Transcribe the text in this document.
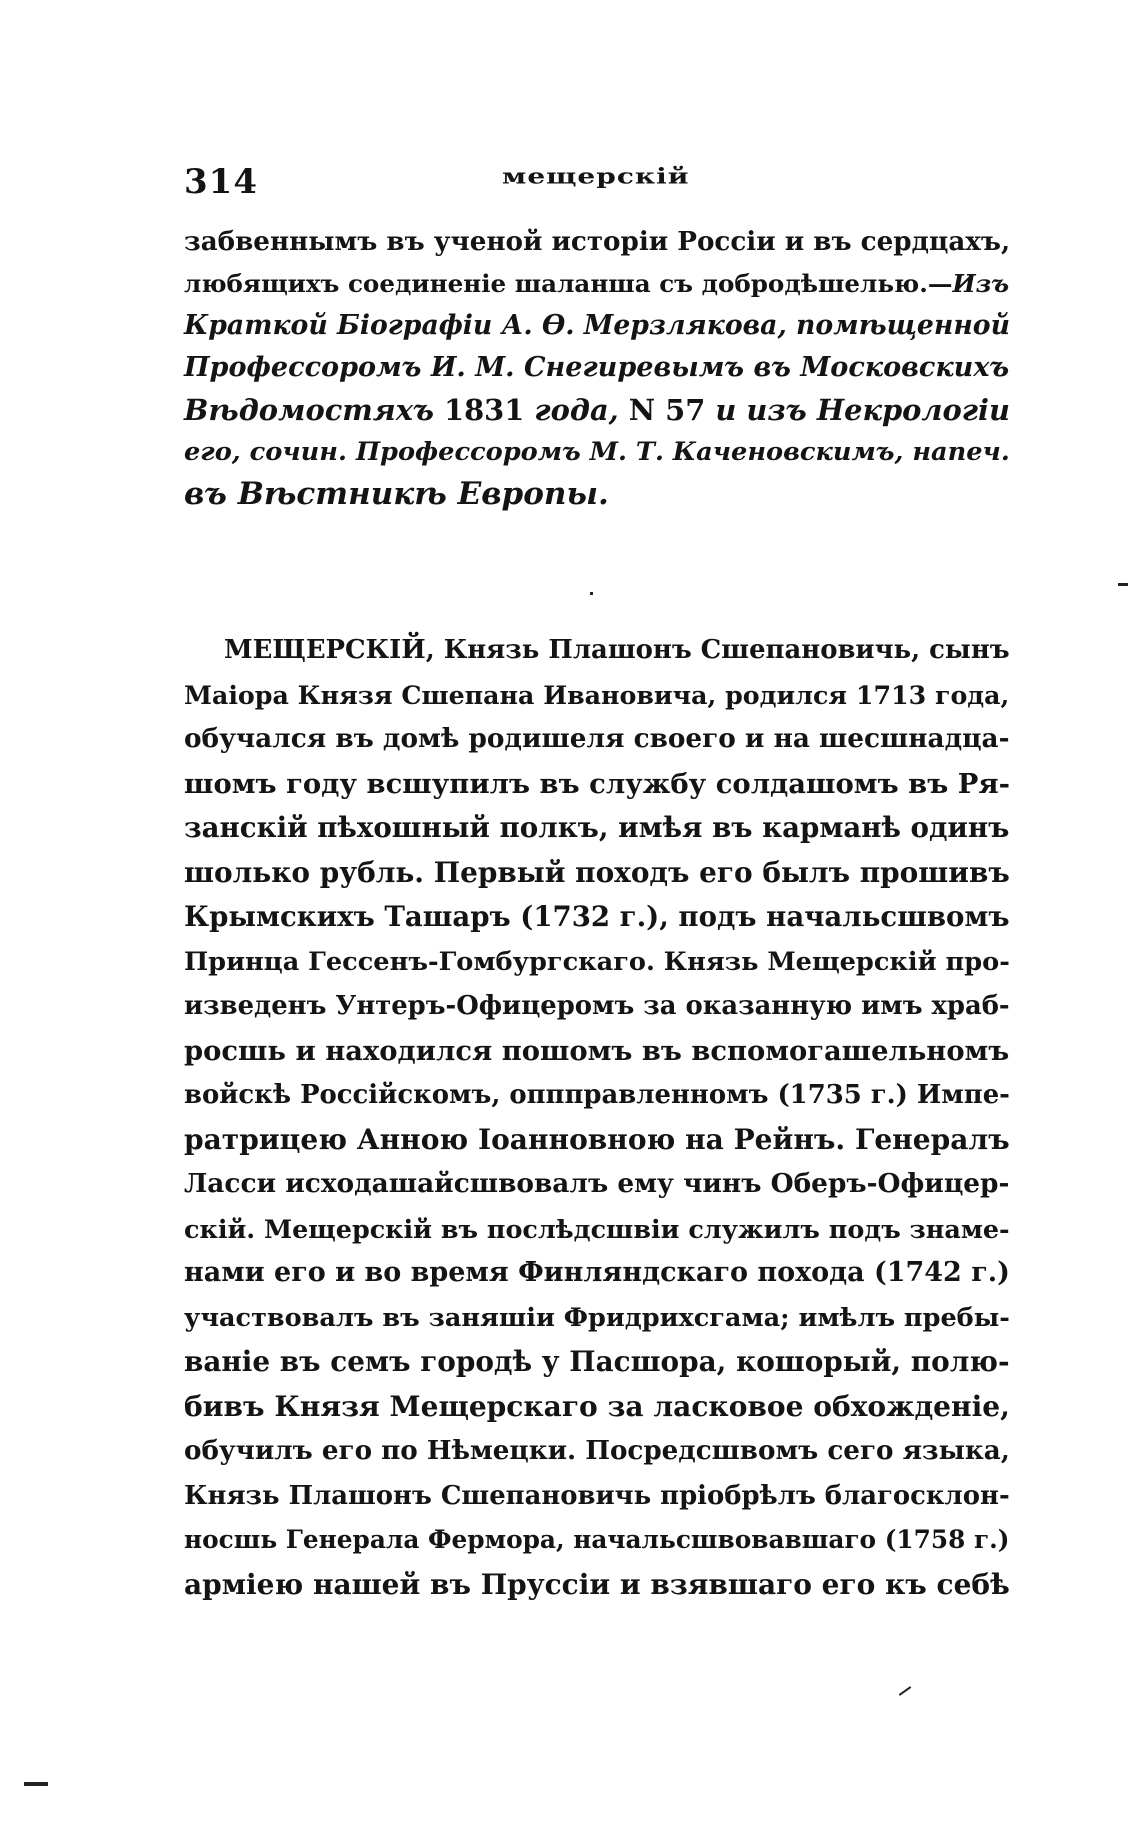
314	мещерскій
забвеннымъ въ ученой исторіи Россіи и въ сердцахъ,
любящихъ соединеніе шаланша съ добродѣшелью.—Изъ
Краткой Біографіи А. Ѳ. Мерзлякова, помѣщенной
Профессоромъ И. М. Снегиревымъ въ Московскихъ
Вѣдомостяхъ 1831 года, N 57 и изъ Некрологіи
его, сочин. Профессоромъ М. Т. Каченовскимъ, напеч.
въ Вѣстникѣ Европы.
МЕЩЕРСКІЙ, Князь Плашонъ Сшепановичь, сынъ
Маіора Князя Сшепана Ивановича, родился 1713 года,
обучался въ домѣ родишеля своего и на шесшнадца-
шомъ году всшупилъ въ службу солдашомъ въ Ря-
занскій пѣхошный полкъ, имѣя въ карманѣ одинъ
шолько рубль. Первый походъ его былъ прошивъ
Крымскихъ Ташаръ (1732 г.), подъ начальсшвомъ
Принца Гессенъ-Гомбургскаго. Князь Мещерскій про-
изведенъ Унтеръ-Офицеромъ за оказанную имъ храб-
росшь и находился пошомъ въ вспомогашельномъ
войскѣ Россійскомъ, оппправленномъ (1735 г.) Импе-
ратрицею Анною Іоанновною на Рейнъ. Генералъ
Ласси исходашайсшвовалъ ему чинъ Оберъ-Офицер-
скій. Мещерскій въ послѣдсшвіи служилъ подъ знаме-
нами его и во время Финляндскаго похода (1742 г.)
участвовалъ въ заняшіи Фридрихсгама; имѣлъ пребы-
ваніе въ семъ городѣ у Пасшора, кошорый, полю-
бивъ Князя Мещерскаго за ласковое обхожденіе,
обучилъ его по Нѣмецки. Посредсшвомъ сего языка,
Князь Плашонъ Сшепановичь пріобрѣлъ благосклон-
носшь Генерала Фермора, начальсшвовавшаго (1758 г.)
арміею нашей въ Пруссіи и взявшаго его къ себѣ
